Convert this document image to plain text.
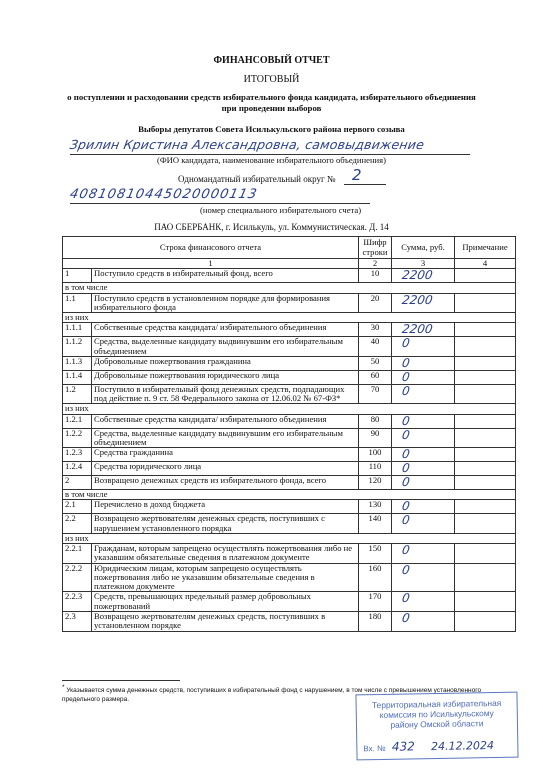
ФИНАНСОВЫЙ ОТЧЕТ
ИТОГОВЫЙ
о поступлении и расходовании средств избирательного фонда кандидата, избирательного объединения
при проведении выборов
Выборы депутатов Совета Исилькульского района первого созыва
Зрилин Кристина Александровна, самовыдвижение
(ФИО кандидата, наименование избирательного объединения)
Одномандатный избирательный округ № 2
40810810445020000113
(номер специального избирательного счета)
ПАО СБЕРБАНК, г. Исилькуль, ул. Коммунистическая. Д. 14
Строка финансового отчета		Шифр строки	Сумма, руб.	Примечание
1		2	3	4
1	Поступило средств в избирательный фонд, всего	10	2200	
в том числе				
1.1	Поступило средств в установленном порядке для формирования избирательного фонда	20	2200	
из них				
1.1.1	Собственные средства кандидата/ избирательного объединения	30	2200	
1.1.2	Средства, выделенные кандидату выдвинувшим его избирательным объединением	40	0	
1.1.3	Добровольные пожертвования гражданина	50	0	
1.1.4	Добровольные пожертвования юридического лица	60	0	
1.2	Поступило в избирательный фонд денежных средств, подпадающих под действие п. 9 ст. 58 Федерального закона от 12.06.02 № 67-ФЗ*	70	0	
из них				
1.2.1	Собственные средства кандидата/ избирательного объединения	80	0	
1.2.2	Средства, выделенные кандидату выдвинувшим его избирательным объединением	90	0	
1.2.3	Средства гражданина	100	0	
1.2.4	Средства юридического лица	110	0	
2	Возвращено денежных средств из избирательного фонда, всего	120	0	
в том числе				
2.1	Перечислено в доход бюджета	130	0	
2.2	Возвращено жертвователям денежных средств, поступивших с нарушением установленного порядка	140	0	
из них				
2.2.1	Гражданам, которым запрещено осуществлять пожертвования либо не указавшим обязательные сведения в платежном документе	150	0	
2.2.2	Юридическим лицам, которым запрещено осуществлять пожертвования либо не указавшим обязательные сведения в платежном документе	160	0	
2.2.3	Средств, превышающих предельный размер добровольных пожертвований	170	0	
2.3	Возвращено жертвователям денежных средств, поступивших в установленном порядке	180	0	
* Указывается сумма денежных средств, поступивших в избирательный фонд с нарушением, в том числе с превышением установленного предельного размера.	Территориальная избирательная
комиссия по Исилькульскому
району Омской области
Вх. № 432 24.12.2024
